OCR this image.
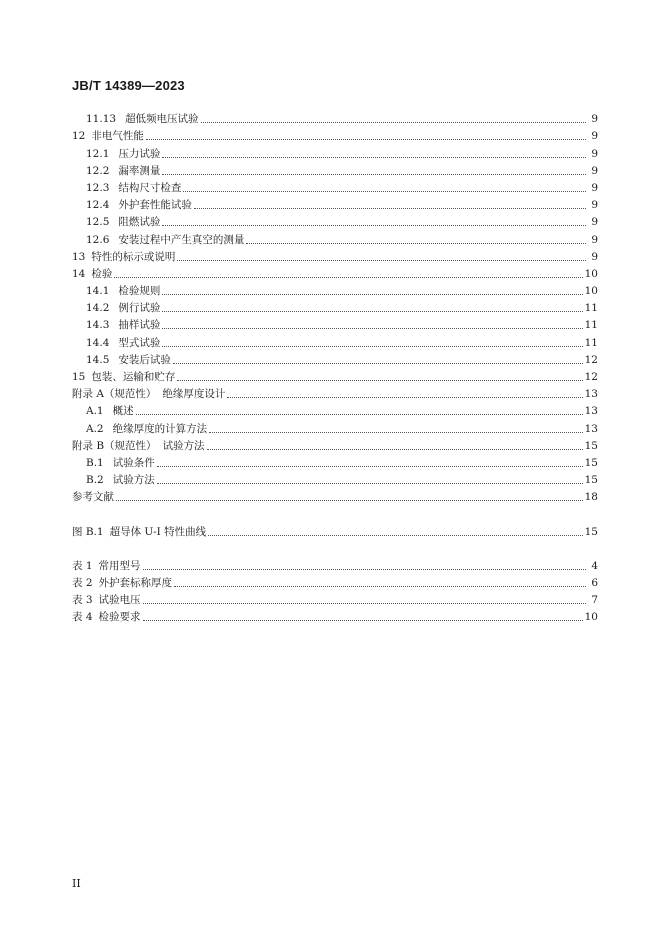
JB/T 14389—2023
11.13 超低频电压试验	9
12 非电气性能	9
12.1 压力试验	9
12.2 漏率测量	9
12.3 结构尺寸检查	9
12.4 外护套性能试验	9
12.5 阻燃试验	9
12.6 安装过程中产生真空的测量	9
13 特性的标示或说明	9
14 检验	10
14.1 检验规则	10
14.2 例行试验	11
14.3 抽样试验	11
14.4 型式试验	11
14.5 安装后试验	12
15 包装、运输和贮存	12
附录 A（规范性） 绝缘厚度设计	13
A.1 概述	13
A.2 绝缘厚度的计算方法	13
附录 B（规范性） 试验方法	15
B.1 试验条件	15
B.2 试验方法	15
参考文献	18
图 B.1 超导体 U-I 特性曲线	15
表 1 常用型号	4
表 2 外护套标称厚度	6
表 3 试验电压	7
表 4 检验要求	10
II
